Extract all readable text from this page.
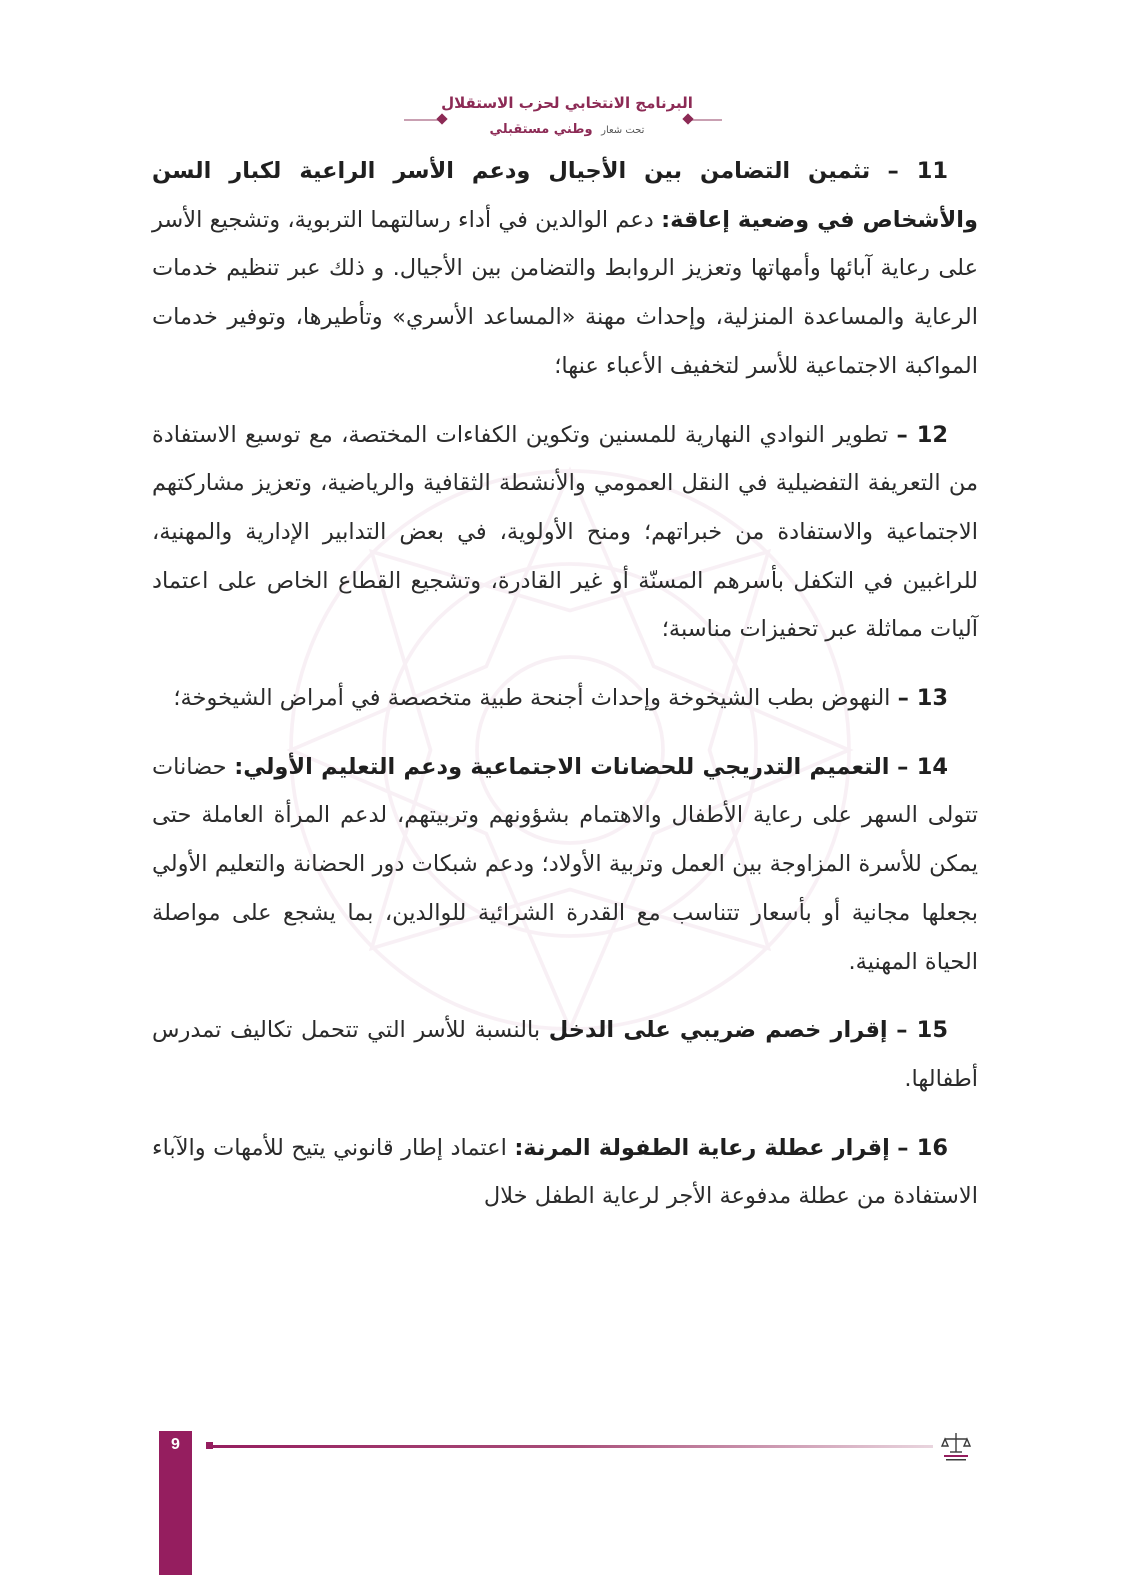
البرنامج الانتخابي لحزب الاستقلال
تحت شعار وطني مستقبلي

11 – تثمين التضامن بين الأجيال ودعم الأسر الراعية لكبار السن والأشخاص في وضعية إعاقة: دعم الوالدين في أداء رسالتهما التربوية، وتشجيع الأسر على رعاية آبائها وأمهاتها وتعزيز الروابط والتضامن بين الأجيال. و ذلك عبر تنظيم خدمات الرعاية والمساعدة المنزلية، وإحداث مهنة «المساعد الأسري» وتأطيرها، وتوفير خدمات المواكبة الاجتماعية للأسر لتخفيف الأعباء عنها؛

12 – تطوير النوادي النهارية للمسنين وتكوين الكفاءات المختصة، مع توسيع الاستفادة من التعريفة التفضيلية في النقل العمومي والأنشطة الثقافية والرياضية، وتعزيز مشاركتهم الاجتماعية والاستفادة من خبراتهم؛ ومنح الأولوية، في بعض التدابير الإدارية والمهنية، للراغبين في التكفل بأسرهم المسنّة أو غير القادرة، وتشجيع القطاع الخاص على اعتماد آليات مماثلة عبر تحفيزات مناسبة؛

13 – النهوض بطب الشيخوخة وإحداث أجنحة طبية متخصصة في أمراض الشيخوخة؛

14 – التعميم التدريجي للحضانات الاجتماعية ودعم التعليم الأولي: حضانات تتولى السهر على رعاية الأطفال والاهتمام بشؤونهم وتربيتهم، لدعم المرأة العاملة حتى يمكن للأسرة المزاوجة بين العمل وتربية الأولاد؛ ودعم شبكات دور الحضانة والتعليم الأولي بجعلها مجانية أو بأسعار تتناسب مع القدرة الشرائية للوالدين، بما يشجع على مواصلة الحياة المهنية.

15 – إقرار خصم ضريبي على الدخل بالنسبة للأسر التي تتحمل تكاليف تمدرس أطفالها.

16 – إقرار عطلة رعاية الطفولة المرنة: اعتماد إطار قانوني يتيح للأمهات والآباء الاستفادة من عطلة مدفوعة الأجر لرعاية الطفل خلال

9
